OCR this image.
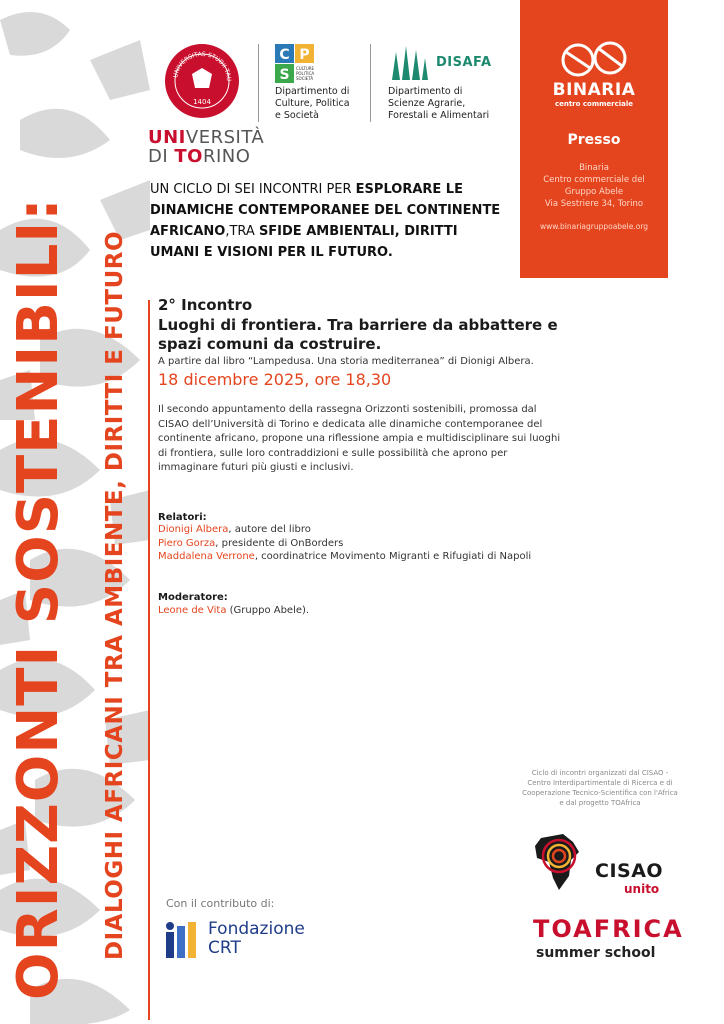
ORIZZONTI SOSTENIBILI: DIALOGHI AFRICANI TRA AMBIENTE, DIRITTI E FUTURO
UNIVERSITAS STUDII TAU
1404
UNIVERSITÀ
DI TORINO
C P
S CULTURE POLITICA SOCIETÀ
Dipartimento di
Culture, Politica
e Società
DISAFA
Dipartimento di
Scienze Agrarie,
Forestali e Alimentari
UN CICLO DI SEI INCONTRI PER ESPLORARE LE DINAMICHE CONTEMPORANEE DEL CONTINENTE AFRICANO,TRA SFIDE AMBIENTALI, DIRITTI UMANI E VISIONI PER IL FUTURO.
BINARIA
centro commerciale
Presso
Binaria
Centro commerciale del
Gruppo Abele
Via Sestriere 34, Torino
www.binariagruppoabele.org
2° Incontro
Luoghi di frontiera. Tra barriere da abbattere e spazi comuni da costruire.
A partire dal libro “Lampedusa. Una storia mediterranea” di Dionigi Albera.
18 dicembre 2025, ore 18,30
Il secondo appuntamento della rassegna Orizzonti sostenibili, promossa dal CISAO dell’Università di Torino e dedicata alle dinamiche contemporanee del continente africano, propone una riflessione ampia e multidisciplinare sui luoghi di frontiera, sulle loro contraddizioni e sulle possibilità che aprono per immaginare futuri più giusti e inclusivi.
Relatori:
Dionigi Albera, autore del libro
Piero Gorza, presidente di OnBorders
Maddalena Verrone, coordinatrice Movimento Migranti e Rifugiati di Napoli
Moderatore:
Leone de Vita (Gruppo Abele).
Ciclo di incontri organizzati dal CISAO - Centro Interdipartimentale di Ricerca e di Cooperazione Tecnico-Scientifica con l'Africa e dal progetto TOAfrica
Con il contributo di:
Fondazione
CRT
CISAO
unito
TOAFRICA
summer school
